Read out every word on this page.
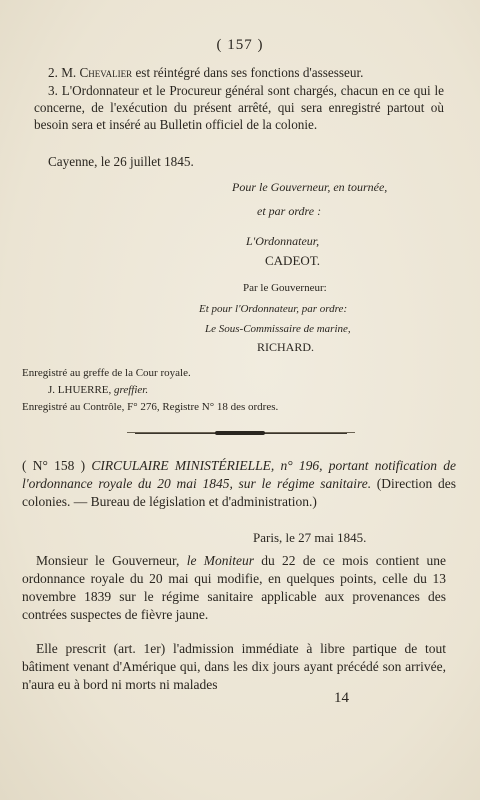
( 157 )
2. M. Chevalier est réintégré dans ses fonctions d'assesseur.
3. L'Ordonnateur et le Procureur général sont chargés, chacun en ce qui le concerne, de l'exécution du présent arrêté, qui sera enregistré partout où besoin sera et inséré au Bulletin officiel de la colonie.
Cayenne, le 26 juillet 1845.
Pour le Gouverneur, en tournée,
et par ordre :
L'Ordonnateur,
CADEOT.
Par le Gouverneur:
Et pour l'Ordonnateur, par ordre:
Le Sous-Commissaire de marine,
RICHARD.
Enregistré au greffe de la Cour royale.
J. LHUERRE, greffier.
Enregistré au Contrôle, F° 276, Registre N° 18 des ordres.
( N° 158 ) CIRCULAIRE MINISTÉRIELLE, n° 196, portant notification de l'ordonnance royale du 20 mai 1845, sur le régime sanitaire. (Direction des colonies. — Bureau de législation et d'administration.)
Paris, le 27 mai 1845.
Monsieur le Gouverneur, le Moniteur du 22 de ce mois contient une ordonnance royale du 20 mai qui modifie, en quelques points, celle du 13 novembre 1839 sur le régime sanitaire applicable aux provenances des contrées suspectes de fièvre jaune.
Elle prescrit (art. 1er) l'admission immédiate à libre partique de tout bâtiment venant d'Amérique qui, dans les dix jours ayant précédé son arrivée, n'aura eu à bord ni morts ni malades
14
